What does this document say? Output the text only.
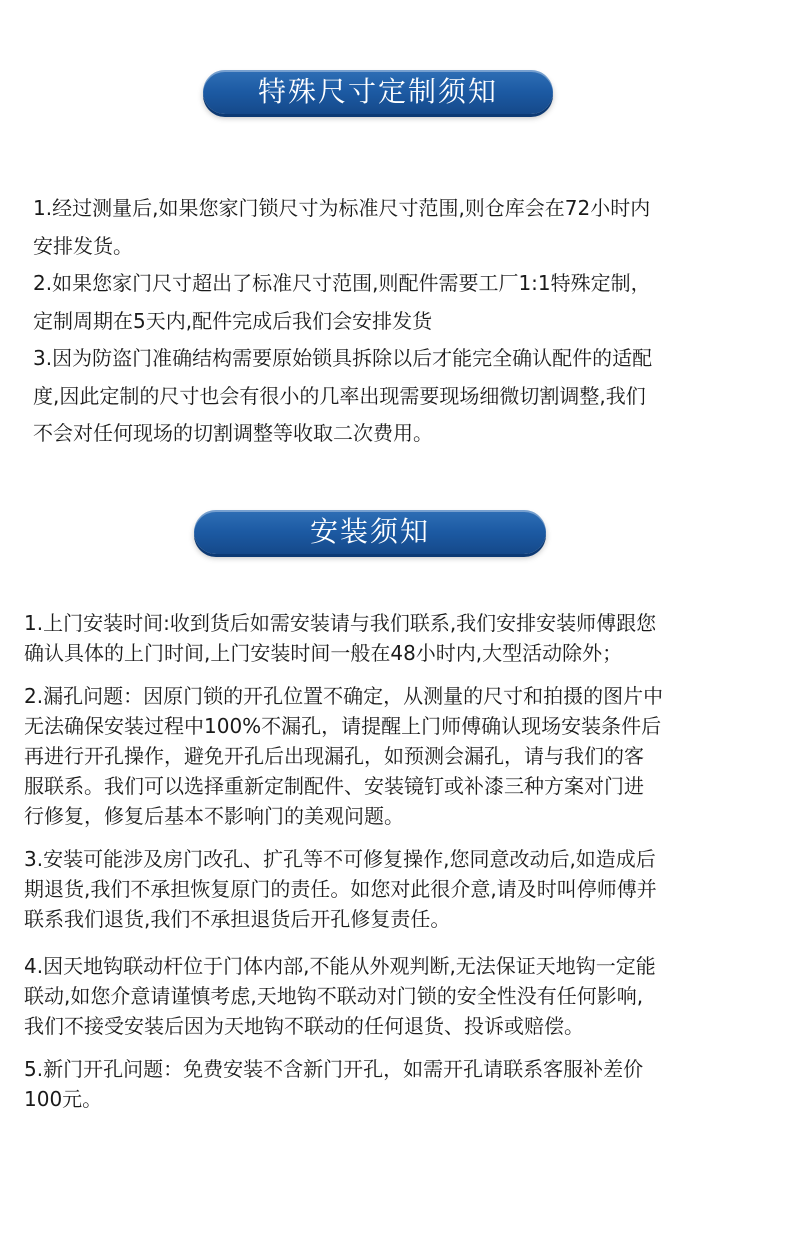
特殊尺寸定制须知

1.经过测量后,如果您家门锁尺寸为标准尺寸范围,则仓库会在72小时内
安排发货。

2.如果您家门尺寸超出了标准尺寸范围,则配件需要工厂1:1特殊定制，
定制周期在5天内,配件完成后我们会安排发货

3.因为防盗门准确结构需要原始锁具拆除以后才能完全确认配件的适配
度,因此定制的尺寸也会有很小的几率出现需要现场细微切割调整,我们
不会对任何现场的切割调整等收取二次费用。

安装须知

1.上门安装时间:收到货后如需安装请与我们联系,我们安排安装师傅跟您
确认具体的上门时间,上门安装时间一般在48小时内,大型活动除外；

2.漏孔问题：因原门锁的开孔位置不确定，从测量的尺寸和拍摄的图片中
无法确保安装过程中100%不漏孔，请提醒上门师傅确认现场安装条件后
再进行开孔操作，避免开孔后出现漏孔，如预测会漏孔，请与我们的客
服联系。我们可以选择重新定制配件、安装镜钉或补漆三种方案对门进
行修复，修复后基本不影响门的美观问题。

3.安装可能涉及房门改孔、扩孔等不可修复操作,您同意改动后,如造成后
期退货,我们不承担恢复原门的责任。如您对此很介意,请及时叫停师傅并
联系我们退货,我们不承担退货后开孔修复责任。

4.因天地钩联动杆位于门体内部,不能从外观判断,无法保证天地钩一定能
联动,如您介意请谨慎考虑,天地钩不联动对门锁的安全性没有任何影响,
我们不接受安装后因为天地钩不联动的任何退货、投诉或赔偿。

5.新门开孔问题：免费安装不含新门开孔，如需开孔请联系客服补差价
100元。
